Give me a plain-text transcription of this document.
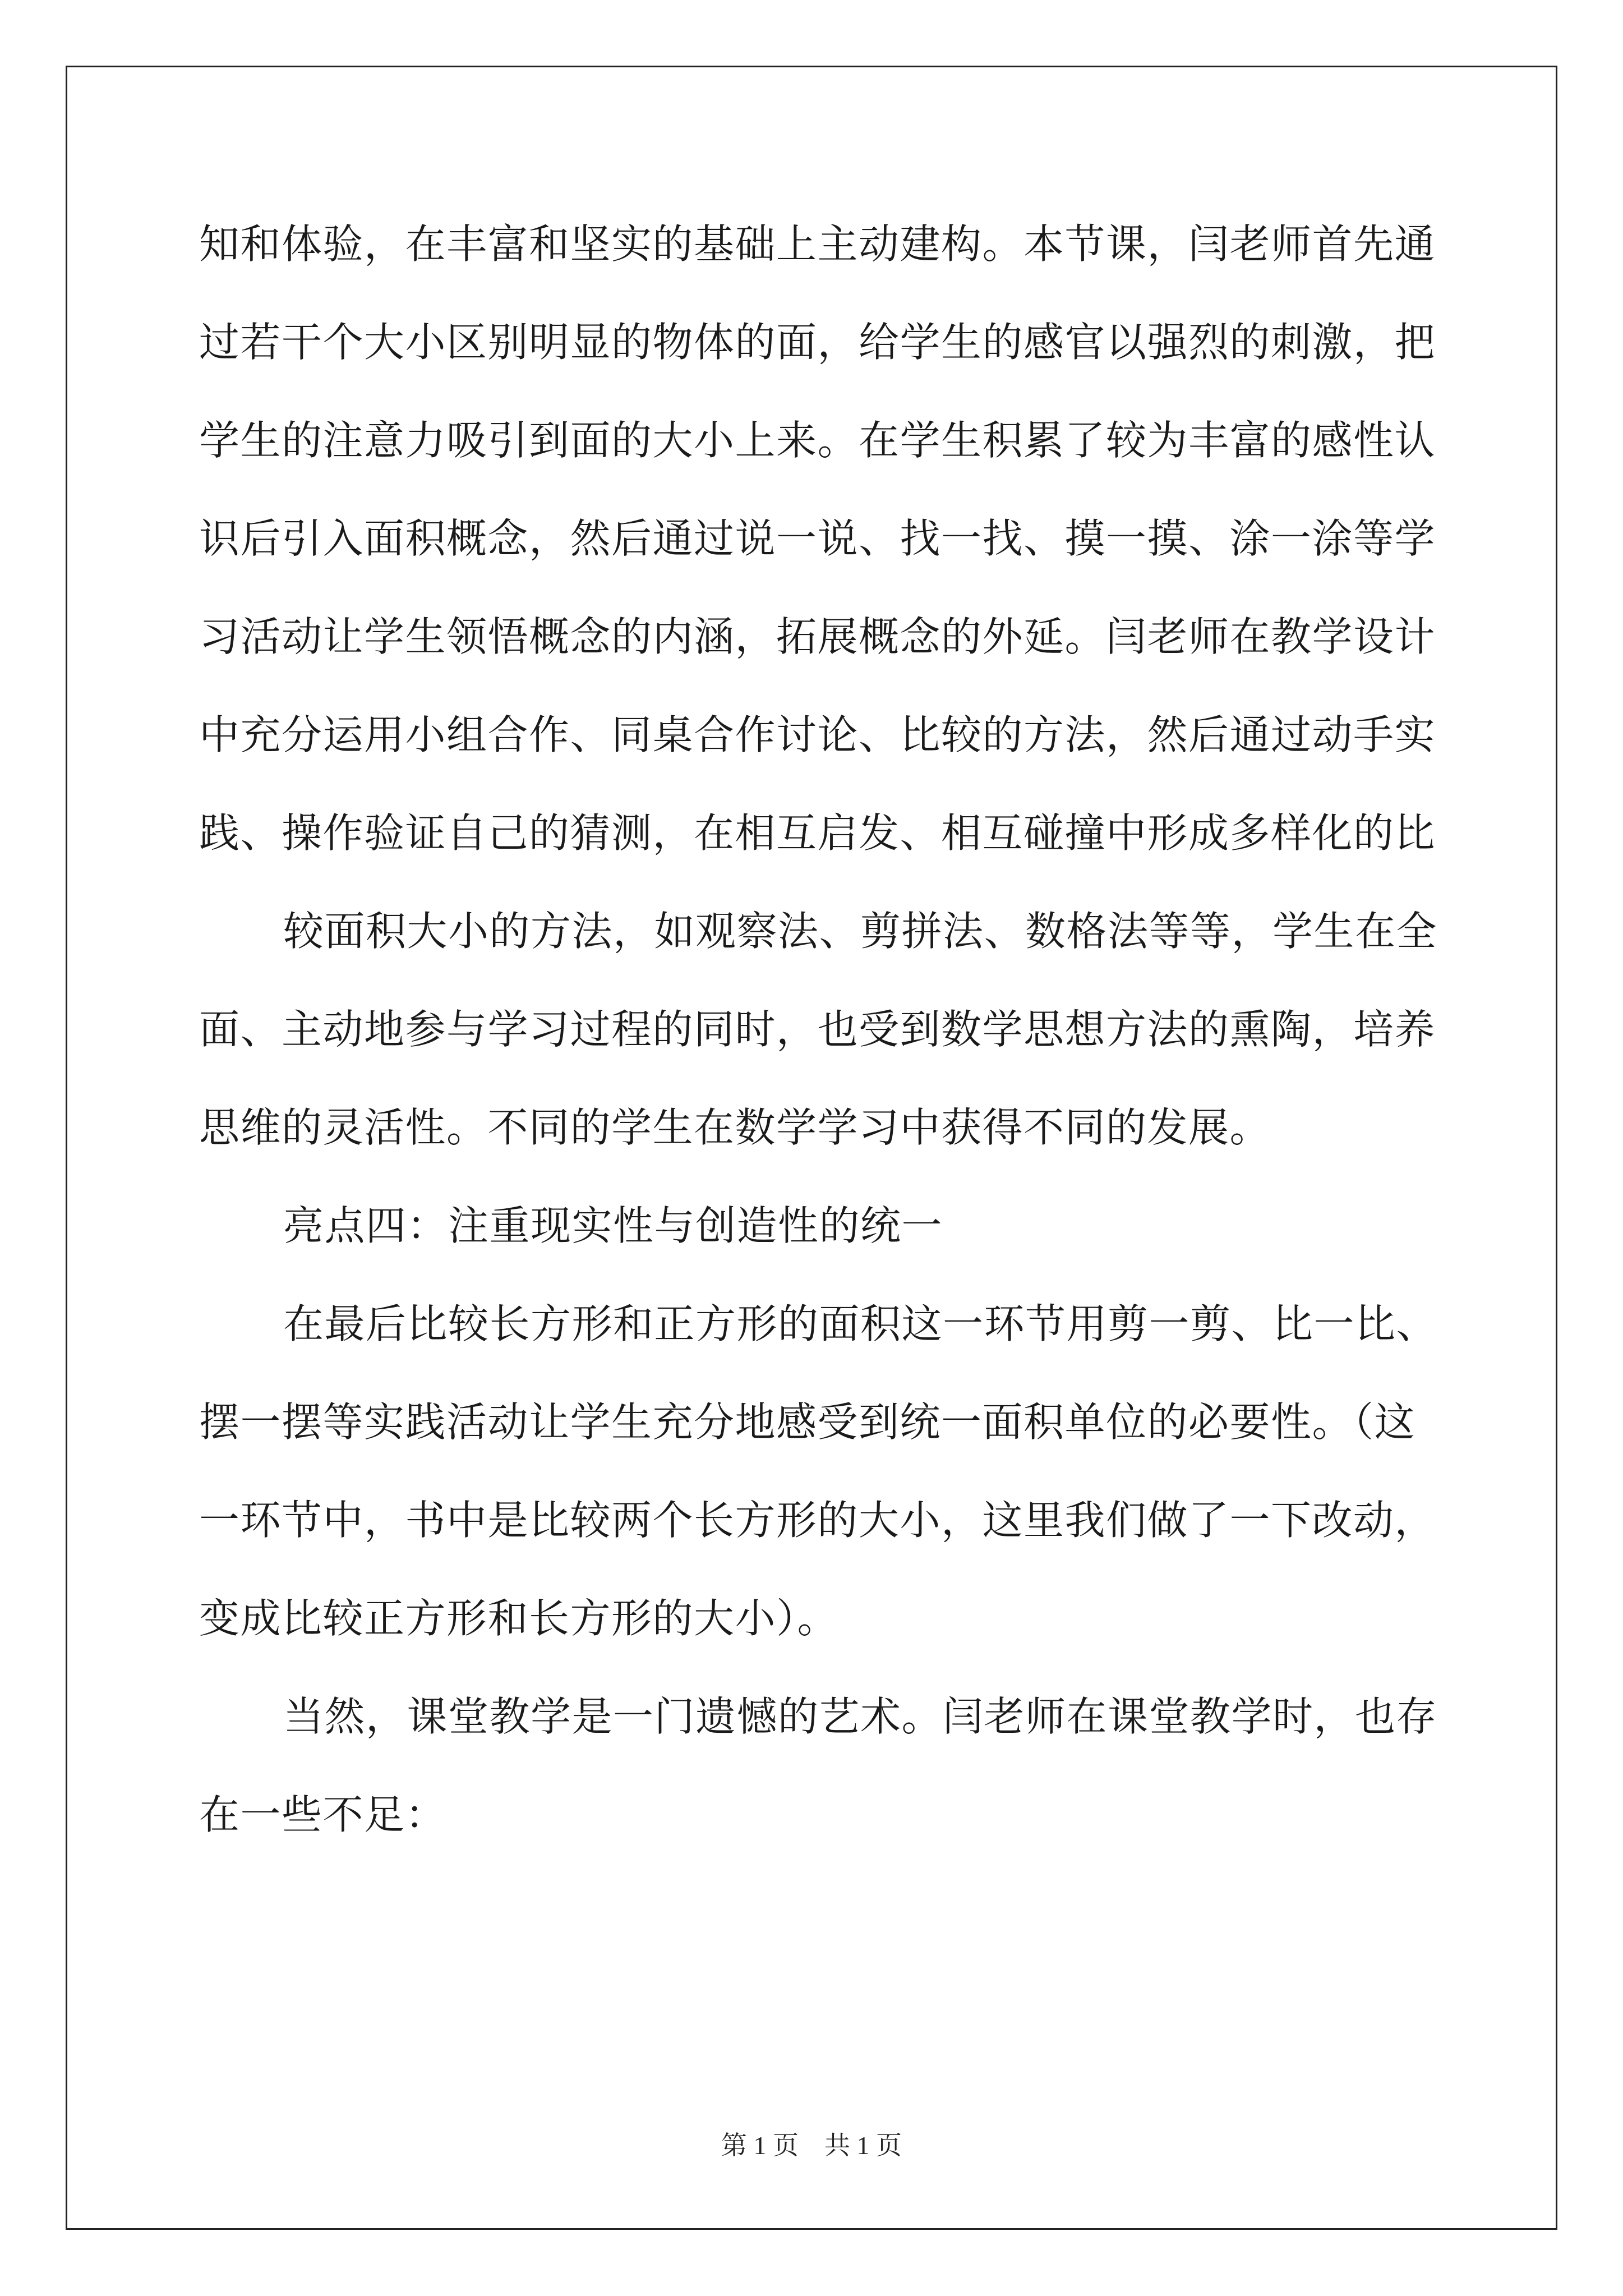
知和体验，在丰富和坚实的基础上主动建构。本节课，闫老师首先通
过若干个大小区别明显的物体的面，给学生的感官以强烈的刺激，把
学生的注意力吸引到面的大小上来。在学生积累了较为丰富的感性认
识后引入面积概念，然后通过说一说、找一找、摸一摸、涂一涂等学
习活动让学生领悟概念的内涵，拓展概念的外延。闫老师在教学设计
中充分运用小组合作、同桌合作讨论、比较的方法，然后通过动手实
践、操作验证自己的猜测，在相互启发、相互碰撞中形成多样化的比
较面积大小的方法，如观察法、剪拼法、数格法等等，学生在全
面、主动地参与学习过程的同时，也受到数学思想方法的熏陶，培养
思维的灵活性。不同的学生在数学学习中获得不同的发展。
亮点四：注重现实性与创造性的统一
在最后比较长方形和正方形的面积这一环节用剪一剪、比一比、
摆一摆等实践活动让学生充分地感受到统一面积单位的必要性。（这
一环节中，书中是比较两个长方形的大小，这里我们做了一下改动，
变成比较正方形和长方形的大小）。
当然，课堂教学是一门遗憾的艺术。闫老师在课堂教学时，也存
在一些不足：
第 1 页　共 1 页
